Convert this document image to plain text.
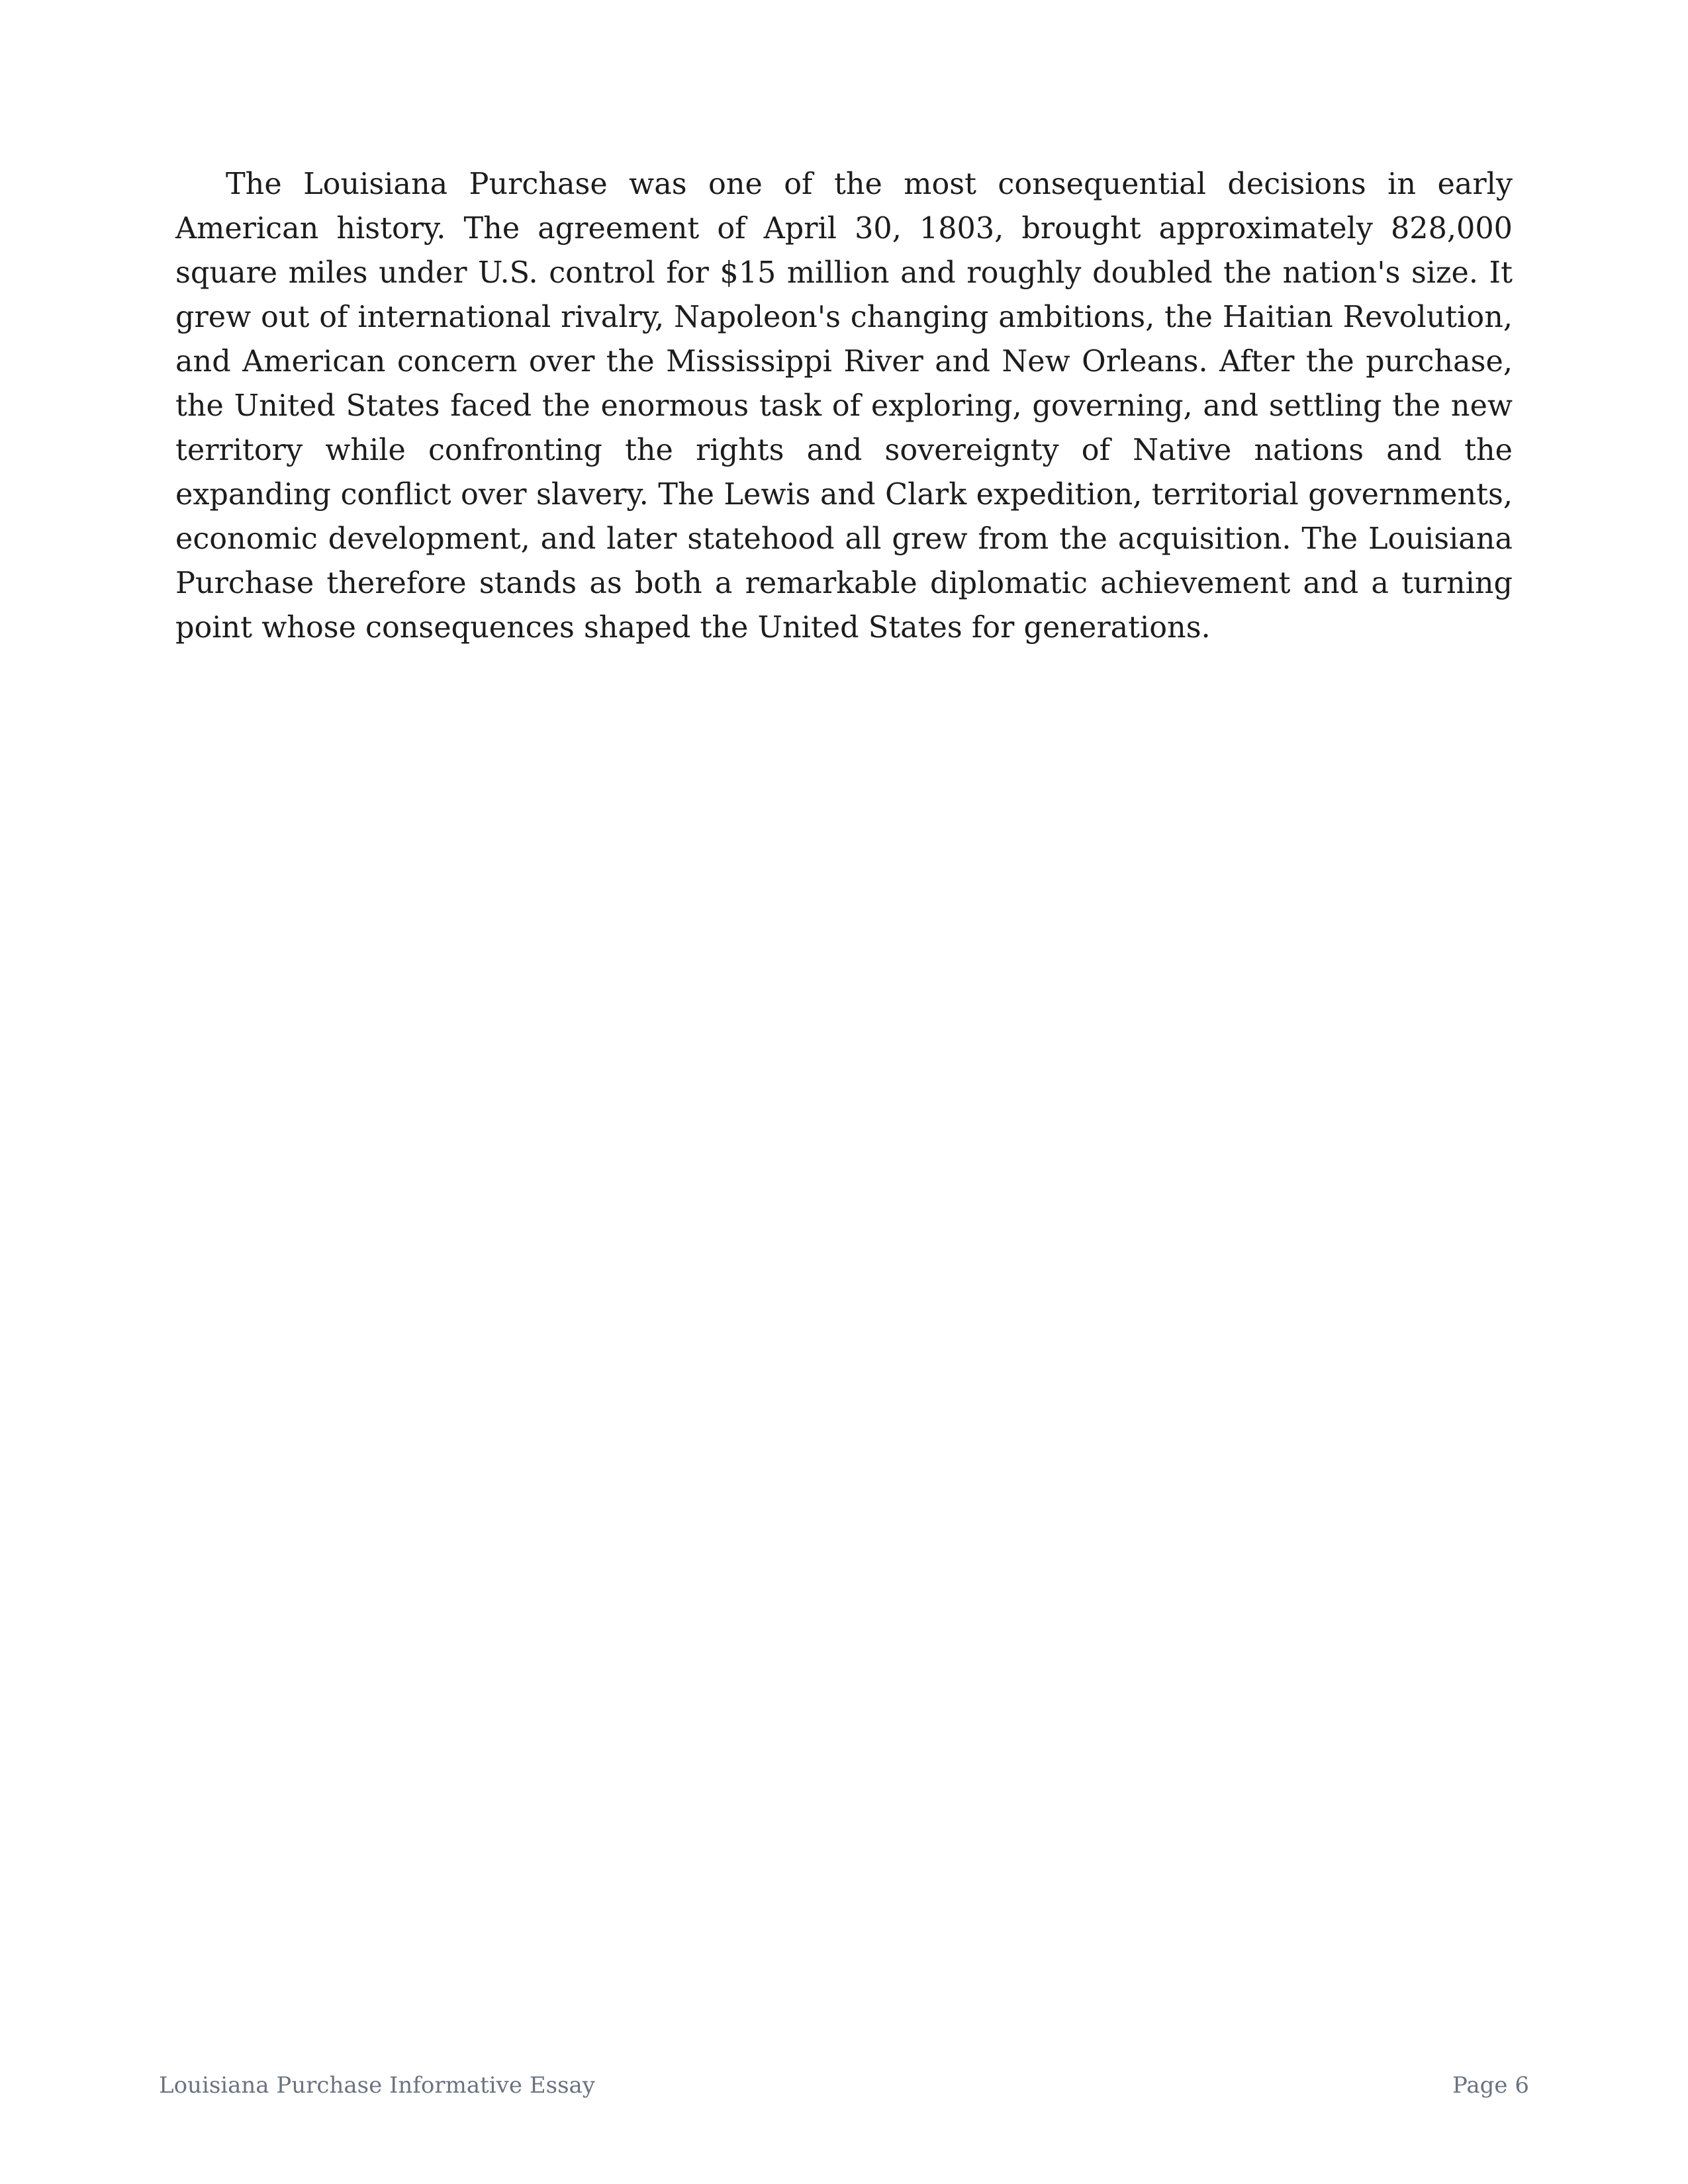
The Louisiana Purchase was one of the most consequential decisions in early American history. The agreement of April 30, 1803, brought approximately 828,000 square miles under U.S. control for $15 million and roughly doubled the nation's size. It grew out of international rivalry, Napoleon's changing ambitions, the Haitian Revolution, and American concern over the Mississippi River and New Orleans. After the purchase, the United States faced the enormous task of exploring, governing, and settling the new territory while confronting the rights and sovereignty of Native nations and the expanding conflict over slavery. The Lewis and Clark expedition, territorial governments, economic development, and later statehood all grew from the acquisition. The Louisiana Purchase therefore stands as both a remarkable diplomatic achievement and a turning point whose consequences shaped the United States for generations.

Louisiana Purchase Informative Essay	Page 6
